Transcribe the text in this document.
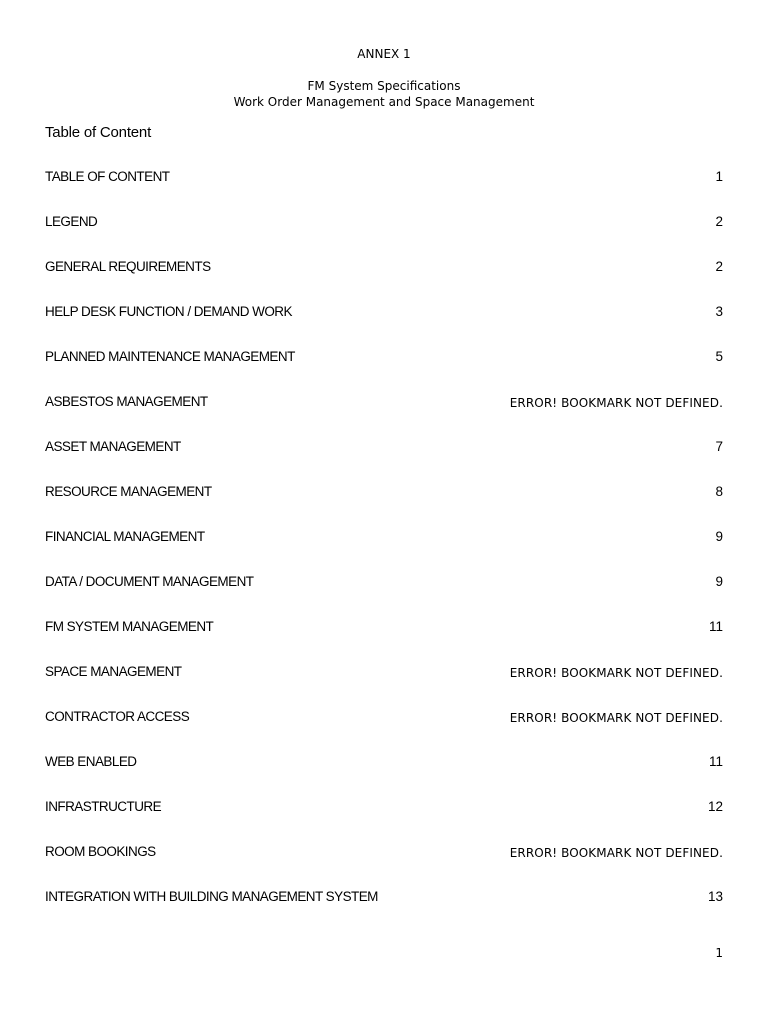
ANNEX 1
FM System Specifications
Work Order Management and Space Management
Table of Content
TABLE OF CONTENT	1
LEGEND	2
GENERAL REQUIREMENTS	2
HELP DESK FUNCTION / DEMAND WORK	3
PLANNED MAINTENANCE MANAGEMENT	5
ASBESTOS MANAGEMENT	ERROR! BOOKMARK NOT DEFINED.
ASSET MANAGEMENT	7
RESOURCE MANAGEMENT	8
FINANCIAL MANAGEMENT	9
DATA / DOCUMENT MANAGEMENT	9
FM SYSTEM MANAGEMENT	11
SPACE MANAGEMENT	ERROR! BOOKMARK NOT DEFINED.
CONTRACTOR ACCESS	ERROR! BOOKMARK NOT DEFINED.
WEB ENABLED	11
INFRASTRUCTURE	12
ROOM BOOKINGS	ERROR! BOOKMARK NOT DEFINED.
INTEGRATION WITH BUILDING MANAGEMENT SYSTEM	13
1
